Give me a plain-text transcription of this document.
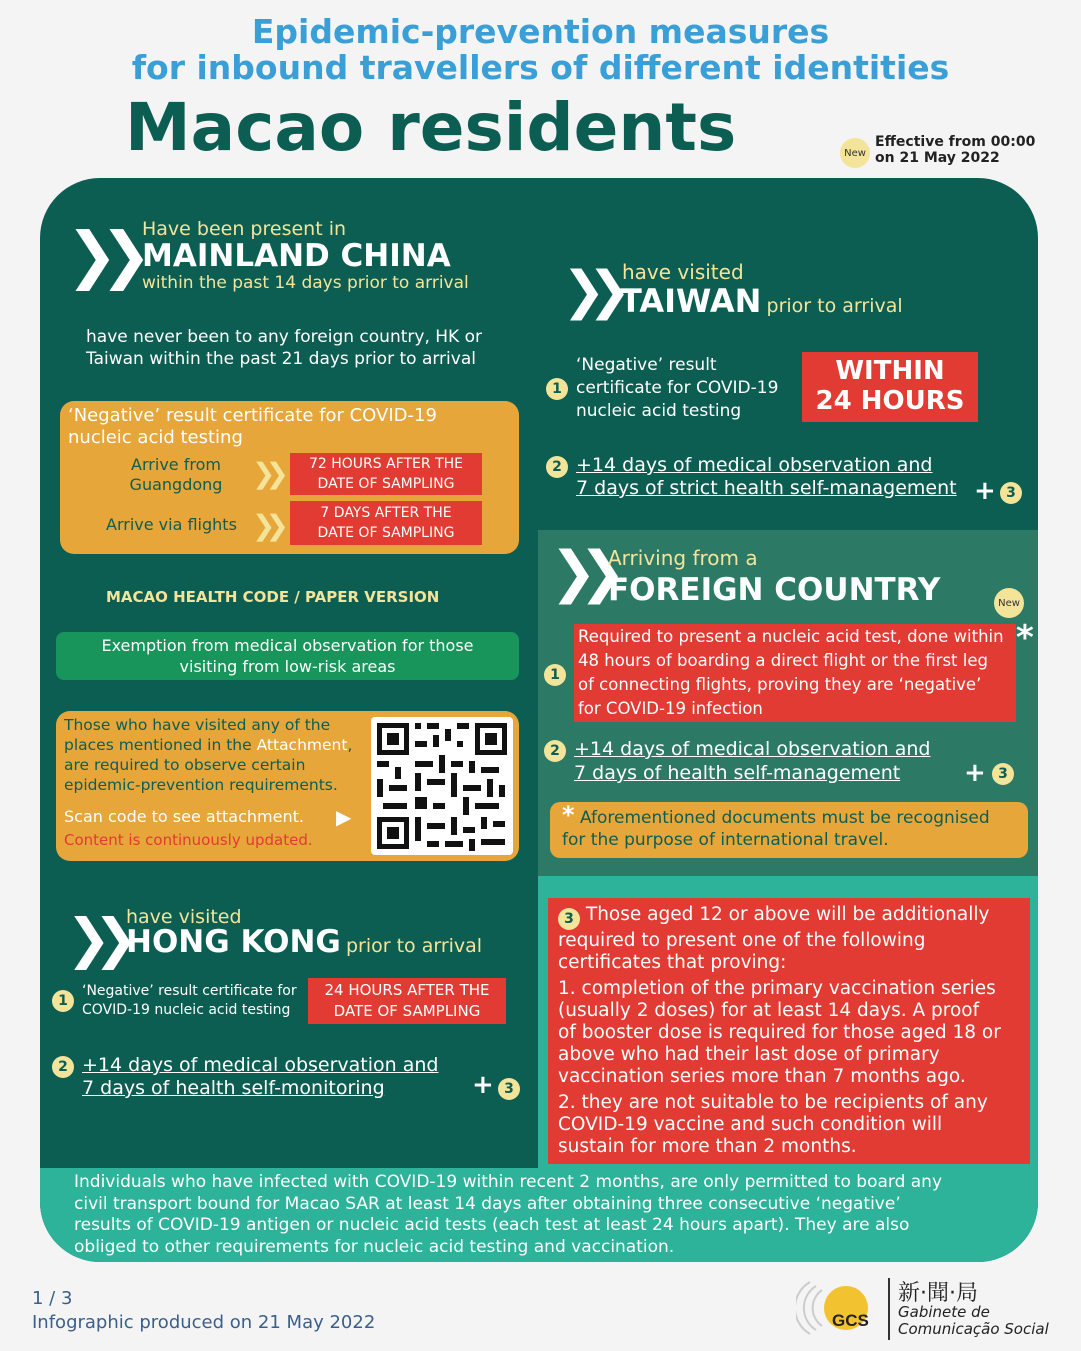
Epidemic-prevention measures
for inbound travellers of different identities
Macao residents	New
Effective from 00:00
on 21 May 2022
❯❯ Have been present in
MAINLAND CHINA
within the past 14 days prior to arrival
have never been to any foreign country, HK or
Taiwan within the past 21 days prior to arrival
‘Negative’ result certificate for COVID-19
nucleic acid testing
Arrive from
Guangdong	❯❯	72 HOURS AFTER THE
DATE OF SAMPLING
Arrive via flights ❯❯	7 DAYS AFTER THE
DATE OF SAMPLING
MACAO HEALTH CODE / PAPER VERSION
Exemption from medical observation for those
visiting from low-risk areas
Those who have visited any of the
places mentioned in the Attachment,
are required to observe certain
epidemic-prevention requirements.
Scan code to see attachment. ▶
Content is continuously updated.
❯❯ have visited
HONG KONG prior to arrival
1
‘Negative’ result certificate for
COVID-19 nucleic acid testing
24 HOURS AFTER THE
DATE OF SAMPLING
2 +14 days of medical observation and
7 days of health self-monitoring	+ 3
❯❯ have visited
TAIWAN prior to arrival
1
‘Negative’ result
certificate for COVID-19
nucleic acid testing
WITHIN
24 HOURS
2 +14 days of medical observation and
7 days of strict health self-management + 3
❯❯ Arriving from a
FOREIGN COUNTRY	New
1
Required to present a nucleic acid test, done within
48 hours of boarding a direct flight or the first leg
of connecting flights, proving they are ‘negative’
for COVID-19 infection
*
2 +14 days of medical observation and
7 days of health self-management	+ 3
* Aforementioned documents must be recognised
for the purpose of international travel.
3 Those aged 12 or above will be additionally
required to present one of the following
certificates that proving:
1. completion of the primary vaccination series
(usually 2 doses) for at least 14 days. A proof
of booster dose is required for those aged 18 or
above who had their last dose of primary
vaccination series more than 7 months ago.
2. they are not suitable to be recipients of any
COVID-19 vaccine and such condition will
sustain for more than 2 months.
Individuals who have infected with COVID-19 within recent 2 months, are only permitted to board any
civil transport bound for Macao SAR at least 14 days after obtaining three consecutive ‘negative’
results of COVID-19 antigen or nucleic acid tests (each test at least 24 hours apart). They are also
obliged to other requirements for nucleic acid testing and vaccination.
1 / 3
Infographic produced on 21 May 2022	GCS
新·聞·局
Gabinete de
Comunicação Social
